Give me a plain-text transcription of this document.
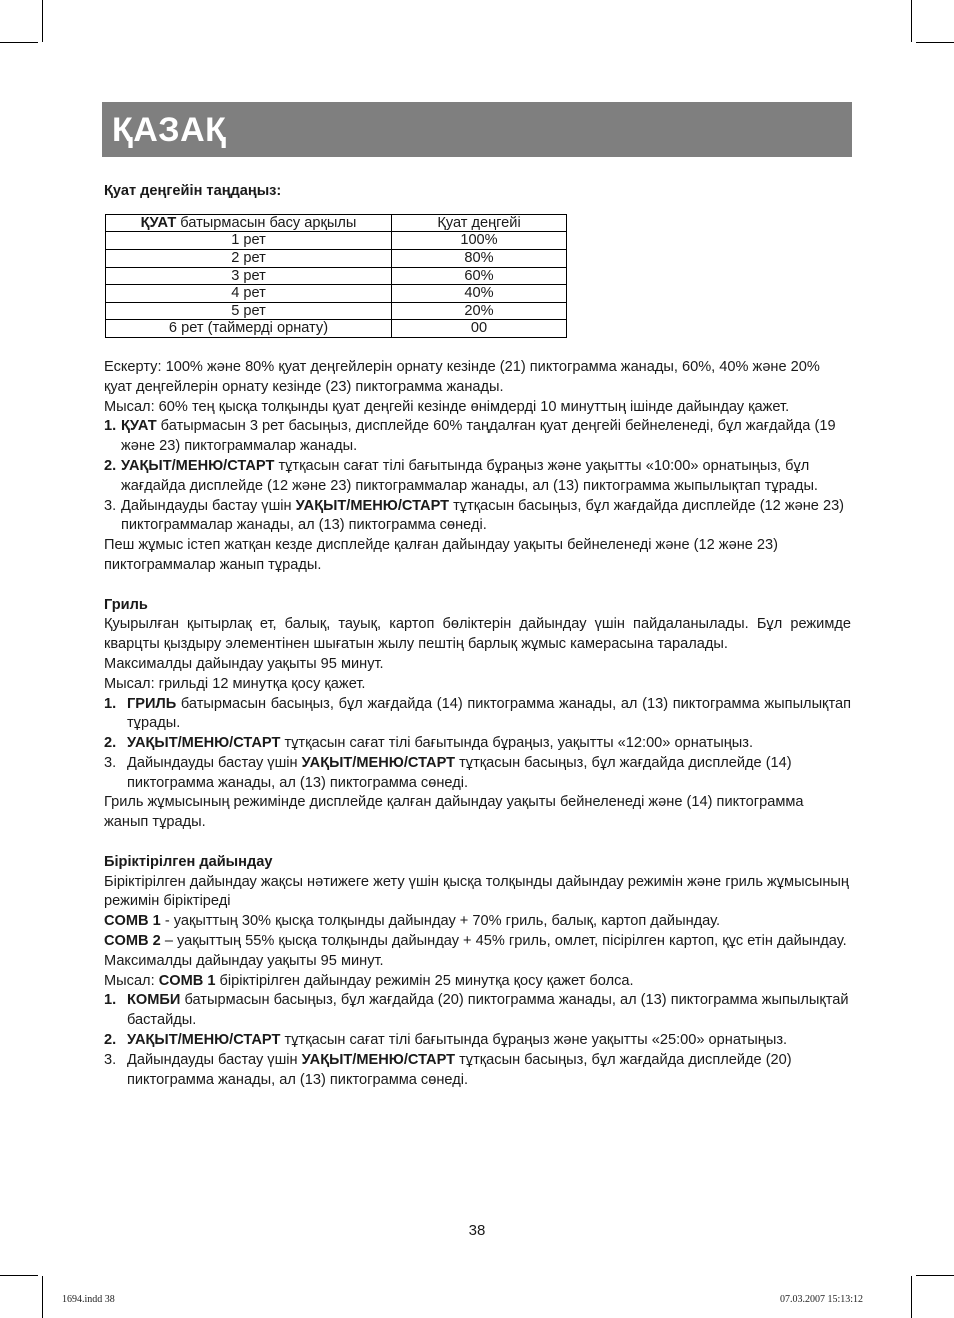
ҚАЗАҚ

Қуат деңгейін таңдаңыз:

ҚУАТ батырмасын басу арқылы	Қуат деңгейі
1 рет	100%
2 рет	80%
3 рет	60%
4 рет	40%
5 рет	20%
6 рет (таймерді орнату)	00

Ескерту: 100% және 80% қуат деңгейлерін орнату кезінде (21) пиктограмма жанады, 60%, 40% және 20% қуат деңгейлерін орнату кезінде (23) пиктограмма жанады.

Мысал: 60% тең қысқа толқынды қуат деңгейі кезінде өнімдерді 10 минуттың ішінде дайындау қажет.

1. ҚУАТ батырмасын 3 рет басыңыз, дисплейде 60% таңдалған қуат деңгейі бейнеленеді, бұл жағдайда (19 және 23) пиктограммалар жанады.
2. УАҚЫТ/МЕНЮ/СТАРТ тұтқасын сағат тілі бағытында бұраңыз және уақытты «10:00» орнатыңыз, бұл жағдайда дисплейде (12 және 23) пиктограммалар жанады, ал (13) пиктограмма жыпылықтап тұрады.
3. Дайындауды бастау үшін УАҚЫТ/МЕНЮ/СТАРТ тұтқасын басыңыз, бұл жағдайда дисплейде (12 және 23) пиктограммалар жанады, ал (13) пиктограмма сөнеді.

Пеш жұмыс істеп жатқан кезде дисплейде қалған дайындау уақыты бейнеленеді және (12 және 23) пиктограммалар жанып тұрады.

Гриль

Қуырылған қытырлақ ет, балық, тауық, картоп бөліктерін дайындау үшін пайдаланылады. Бұл режимде кварцты қыздыру элементінен шығатын жылу пештің барлық жұмыс камерасына таралады.

Максималды дайындау уақыты 95 минут.

Мысал: грильді 12 минутқа қосу қажет.

1. ГРИЛЬ батырмасын басыңыз, бұл жағдайда (14) пиктограмма жанады, ал (13) пиктограмма жыпылықтап тұрады.
2. УАҚЫТ/МЕНЮ/СТАРТ тұтқасын сағат тілі бағытында бұраңыз, уақытты «12:00» орнатыңыз.
3. Дайындауды бастау үшін УАҚЫТ/МЕНЮ/СТАРТ тұтқасын басыңыз, бұл жағдайда дисплейде (14) пиктограмма жанады, ал (13) пиктограмма сөнеді.

Гриль жұмысының режимінде дисплейде қалған дайындау уақыты бейнеленеді және (14) пиктограмма жанып тұрады.

Біріктірілген дайындау

Біріктірілген дайындау жақсы нәтижеге жету үшін қысқа толқынды дайындау режимін және гриль жұмысының режимін біріктіреді

COMB 1 - уақыттың 30% қысқа толқынды дайындау + 70% гриль, балық, картоп дайындау.

COMB 2 – уақыттың 55% қысқа толқынды дайындау + 45% гриль, омлет, пісірілген картоп, құс етін дайындау.

Максималды дайындау уақыты 95 минут.

Мысал: COMB 1 біріктірілген дайындау режимін 25 минутқа қосу қажет болса.

1. КОМБИ батырмасын басыңыз, бұл жағдайда (20) пиктограмма жанады, ал (13) пиктограмма жыпылықтай бастайды.
2. УАҚЫТ/МЕНЮ/СТАРТ тұтқасын сағат тілі бағытында бұраңыз және уақытты «25:00» орнатыңыз.
3. Дайындауды бастау үшін УАҚЫТ/МЕНЮ/СТАРТ тұтқасын басыңыз, бұл жағдайда дисплейде (20) пиктограмма жанады, ал (13) пиктограмма сөнеді.
38
1694.indd 38	07.03.2007 15:13:12
